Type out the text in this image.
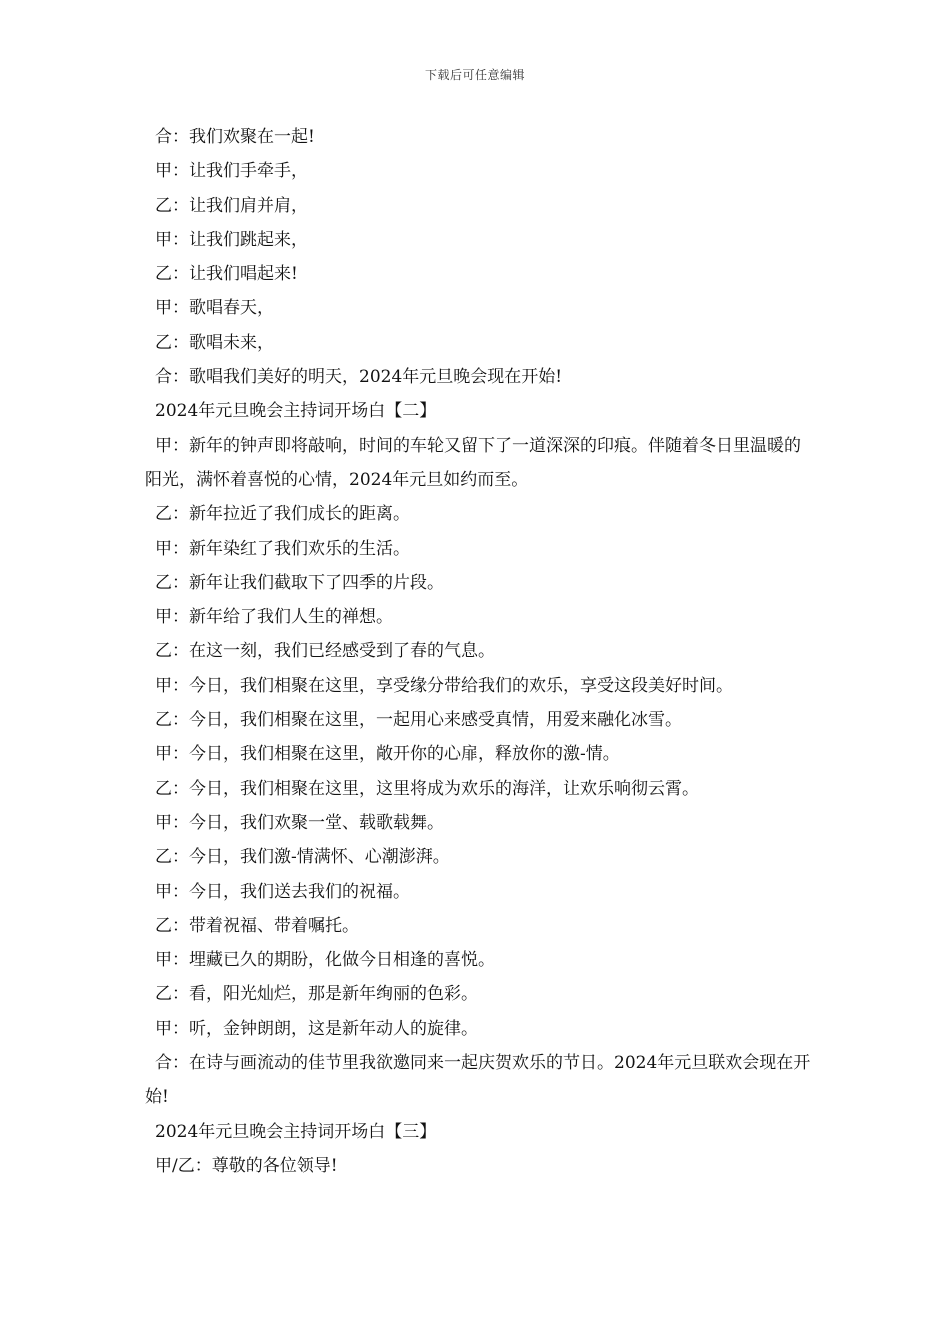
下载后可任意编辑

合：我们欢聚在一起!

甲：让我们手牵手，

乙：让我们肩并肩，

甲：让我们跳起来，

乙：让我们唱起来!

甲：歌唱春天，

乙：歌唱未来，

合：歌唱我们美好的明天，2024年元旦晚会现在开始!

2024年元旦晚会主持词开场白【二】

甲：新年的钟声即将敲响，时间的车轮又留下了一道深深的印痕。伴随着冬日里温暖的阳光，满怀着喜悦的心情，2024年元旦如约而至。

乙：新年拉近了我们成长的距离。

甲：新年染红了我们欢乐的生活。

乙：新年让我们截取下了四季的片段。

甲：新年给了我们人生的禅想。

乙：在这一刻，我们已经感受到了春的气息。

甲：今日，我们相聚在这里，享受缘分带给我们的欢乐，享受这段美好时间。

乙：今日，我们相聚在这里，一起用心来感受真情，用爱来融化冰雪。

甲：今日，我们相聚在这里，敞开你的心扉，释放你的激-情。

乙：今日，我们相聚在这里，这里将成为欢乐的海洋，让欢乐响彻云霄。

甲：今日，我们欢聚一堂、载歌载舞。

乙：今日，我们激-情满怀、心潮澎湃。

甲：今日，我们送去我们的祝福。

乙：带着祝福、带着嘱托。

甲：埋藏已久的期盼，化做今日相逢的喜悦。

乙：看，阳光灿烂，那是新年绚丽的色彩。

甲：听，金钟朗朗，这是新年动人的旋律。

合：在诗与画流动的佳节里我欲邀同来一起庆贺欢乐的节日。2024年元旦联欢会现在开始!

2024年元旦晚会主持词开场白【三】

甲/乙：尊敬的各位领导!
